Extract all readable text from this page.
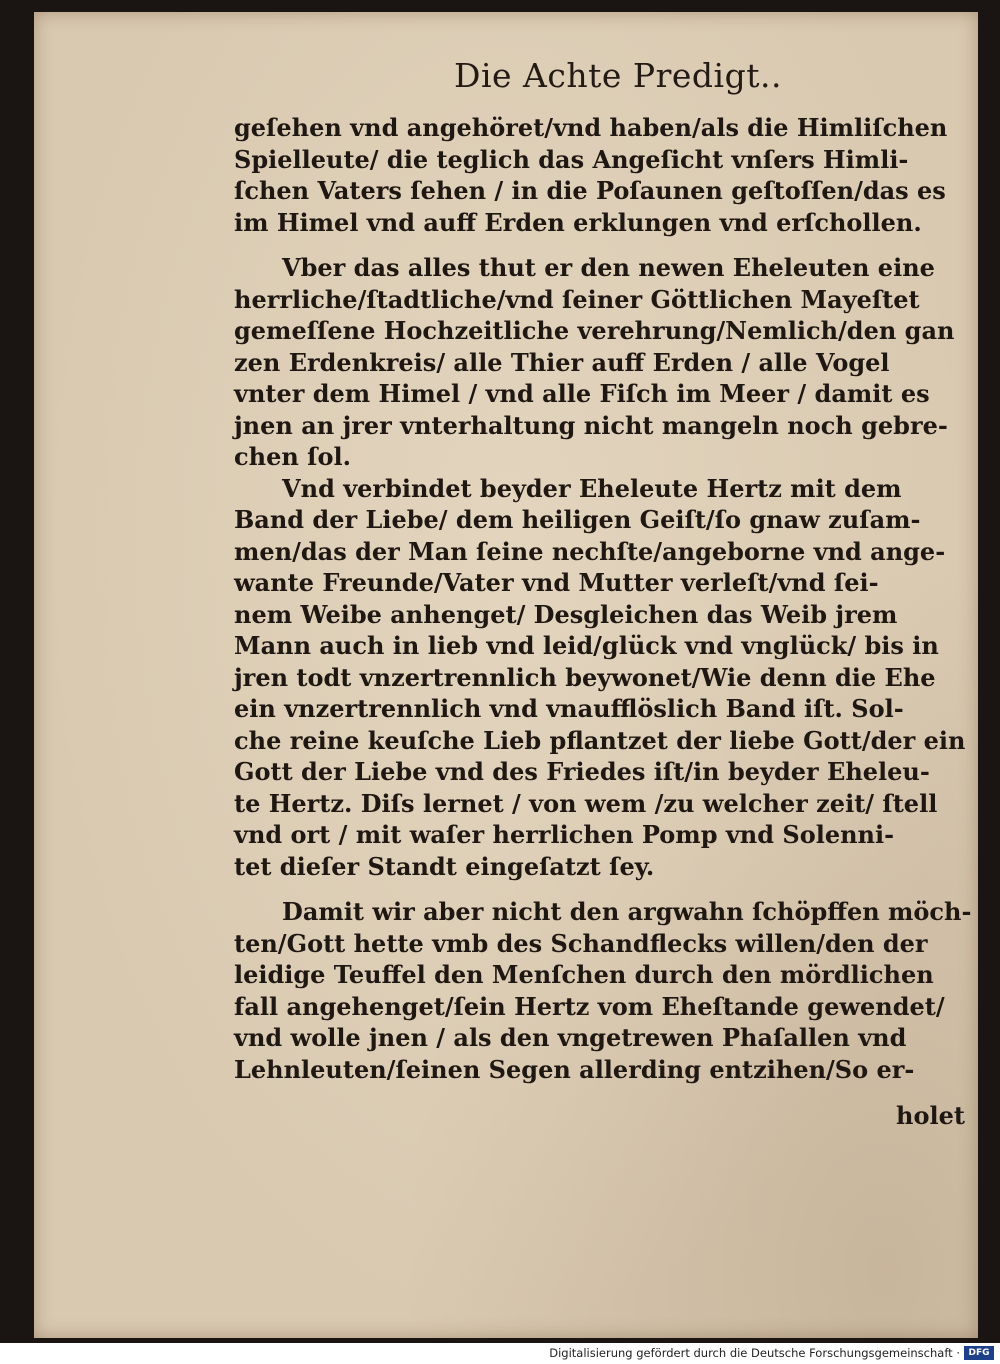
Die Achte Predigt..
geſehen vnd angehöret/vnd haben/als die Himliſchen
Spielleute/ die teglich das Angeſicht vnſers Himli-
ſchen Vaters ſehen / in die Poſaunen geſtoſſen/das es
im Himel vnd auff Erden erklungen vnd erſchollen.
Vber das alles thut er den newen Eheleuten eine
herrliche/ſtadtliche/vnd ſeiner Göttlichen Mayeſtet
gemeſſene Hochzeitliche verehrung/Nemlich/den gan
zen Erdenkreis/ alle Thier auff Erden / alle Vogel
vnter dem Himel / vnd alle Fiſch im Meer / damit es
jnen an jrer vnterhaltung nicht mangeln noch gebre-
chen ſol.
Vnd verbindet beyder Eheleute Hertz mit dem
Band der Liebe/ dem heiligen Geiſt/ſo gnaw zuſam-
men/das der Man ſeine nechſte/angeborne vnd ange-
wante Freunde/Vater vnd Mutter verleſt/vnd ſei-
nem Weibe anhenget/ Desgleichen das Weib jrem
Mann auch in lieb vnd leid/glück vnd vnglück/ bis in
jren todt vnzertrennlich beywonet/Wie denn die Ehe
ein vnzertrennlich vnd vnaufflöslich Band iſt. Sol-
che reine keuſche Lieb pflantzet der liebe Gott/der ein
Gott der Liebe vnd des Friedes iſt/in beyder Eheleu-
te Hertz. Diſs lernet / von wem /zu welcher zeit/ ſtell
vnd ort / mit waſer herrlichen Pomp vnd Solenni-
tet dieſer Standt eingeſatzt ſey.
Damit wir aber nicht den argwahn ſchöpffen möch-
ten/Gott hette vmb des Schandflecks willen/den der
leidige Teuffel den Menſchen durch den mördlichen
fall angehenget/ſein Hertz vom Eheſtande gewendet/
vnd wolle jnen / als den vngetrewen Phaſallen vnd
Lehnleuten/ſeinen Segen allerding entzihen/So er-
holet
Digitalisierung gefördert durch die Deutsche Forschungsgemeinschaft · DFG
